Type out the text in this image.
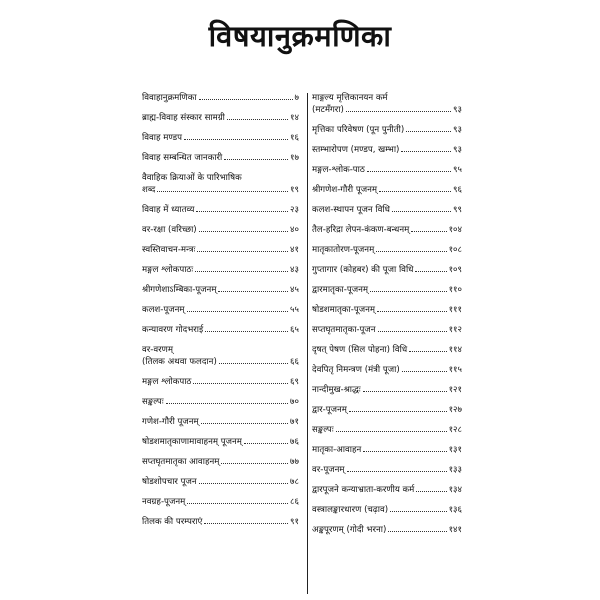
विषयानुक्रमणिका
विवाहानुक्रमणिका	७
ब्राह्म-विवाह संस्कार सामग्री	१४
विवाह मण्डप	१६
विवाह सम्बन्धित जानकारी	१७
वैवाहिक क्रियाओं के पारिभाषिक
शब्द	१९
विवाह में ध्यातव्य	२३
वर-रक्षा (वरिच्छा)	४०
स्वस्तिवाचन-मन्त्रः	४१
मङ्गल श्लोकपाठः	४३
श्रीगणेशाऽम्बिका-पूजनम्	४५
कलश-पूजनम्	५५
कन्यावरण गोदभराई	६५
वर-वरणम्
(तिलक अथवा फलदान)	६६
मङ्गल श्लोकपाठ	६९
सङ्कल्पः	७०
गणेश-गौरी पूजनम्	७१
षोडशमातृकाणामावाहनम् पूजनम्	७६
सप्तघृतमातृका आवाहनम्	७७
षोडशोपचार पूजन	७८
नवग्रह-पूजनम्	८६
तिलक की परम्पराएं	९१
माङ्गल्य मृत्तिकानयन कर्म
(मटमँगरा)	९३
मृत्तिका परिवेषण (पून पुनीती)	९३
स्तम्भारोपण (मण्डप, खम्भा)	९३
मङ्गल-श्लोक-पाठ	९५
श्रीगणेश-गौरी पूजनम्	९६
कलश-स्थापन पूजन विधि	९९
तैल-हरिद्रा लेपन-कंकण-बन्धनम्	१०४
मातृकातोरण-पूजनम्	१०८
गुप्तागार (कोहबर) की पूजा विधि	१०९
द्वारमातृका-पूजनम्	११०
षोडशमातृका-पूजनम्	१११
सप्तघृतमातृका-पूजन	११२
दृषत् पेषण (सिल पोहना) विधि	११४
देवपितृ निमन्त्रण (मंत्री पूजा)	११५
नान्दीमुख-श्राद्धः	१२१
द्वार-पूजनम्	१२७
सङ्कल्पः	१२८
मातृका-आवाहन	१३१
वर-पूजनम्	१३३
द्वारपूजने कन्याभ्राता-करणीय कर्म	१३४
वस्त्रालङ्कारधारण (चढ़ाव)	१३६
अङ्कपूरणम् (गोदी भरना)	१४१
